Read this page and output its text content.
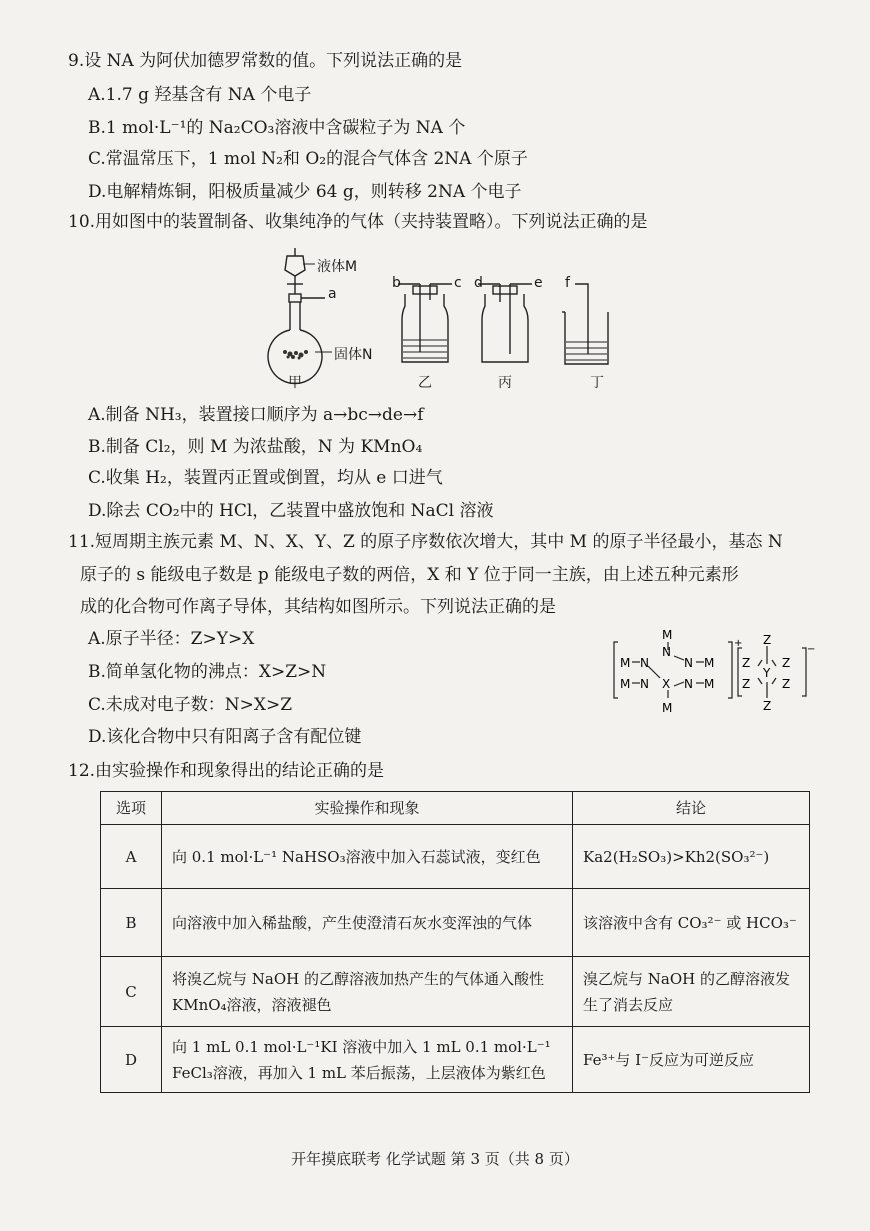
9.设 NA 为阿伏加德罗常数的值。下列说法正确的是
A.1.7 g 羟基含有 NA 个电子
B.1 mol·L⁻¹的 Na₂CO₃溶液中含碳粒子为 NA 个
C.常温常压下，1 mol N₂和 O₂的混合气体含 2NA 个原子
D.电解精炼铜，阳极质量减少 64 g，则转移 2NA 个电子
10.用如图中的装置制备、收集纯净的气体（夹持装置略）。下列说法正确的是
液体M
a
固体N
b	c d	e f
甲	乙	丙	丁
A.制备 NH₃，装置接口顺序为 a→bc→de→f
B.制备 Cl₂，则 M 为浓盐酸，N 为 KMnO₄
C.收集 H₂，装置丙正置或倒置，均从 e 口进气
D.除去 CO₂中的 HCl，乙装置中盛放饱和 NaCl 溶液
11.短周期主族元素 M、N、X、Y、Z 的原子序数依次增大，其中 M 的原子半径最小，基态 N
原子的 s 能级电子数是 p 能级电子数的两倍，X 和 Y 位于同一主族，由上述五种元素形
成的化合物可作离子导体，其结构如图所示。下列说法正确的是
A.原子半径：Z>Y>X
B.简单氢化物的沸点：X>Z>N
C.未成对电子数：N>X>Z
D.该化合物中只有阳离子含有配位键
M
M N
N
N M
M N X N M
M
+ Z
Z	Z
Y
Z	Z
Z
−
12.由实验操作和现象得出的结论正确的是
选项	实验操作和现象	结论
A	向 0.1 mol·L⁻¹ NaHSO₃溶液中加入石蕊试液，变红色	Ka2(H₂SO₃)>Kh2(SO₃²⁻)
B	向溶液中加入稀盐酸，产生使澄清石灰水变浑浊的气体	该溶液中含有 CO₃²⁻ 或 HCO₃⁻
C	将溴乙烷与 NaOH 的乙醇溶液加热产生的气体通入酸性 KMnO₄溶液，溶液褪色	溴乙烷与 NaOH 的乙醇溶液发生了消去反应
D	向 1 mL 0.1 mol·L⁻¹KI 溶液中加入 1 mL 0.1 mol·L⁻¹ FeCl₃溶液，再加入 1 mL 苯后振荡，上层液体为紫红色	Fe³⁺与 I⁻反应为可逆反应
开年摸底联考 化学试题 第 3 页（共 8 页）
